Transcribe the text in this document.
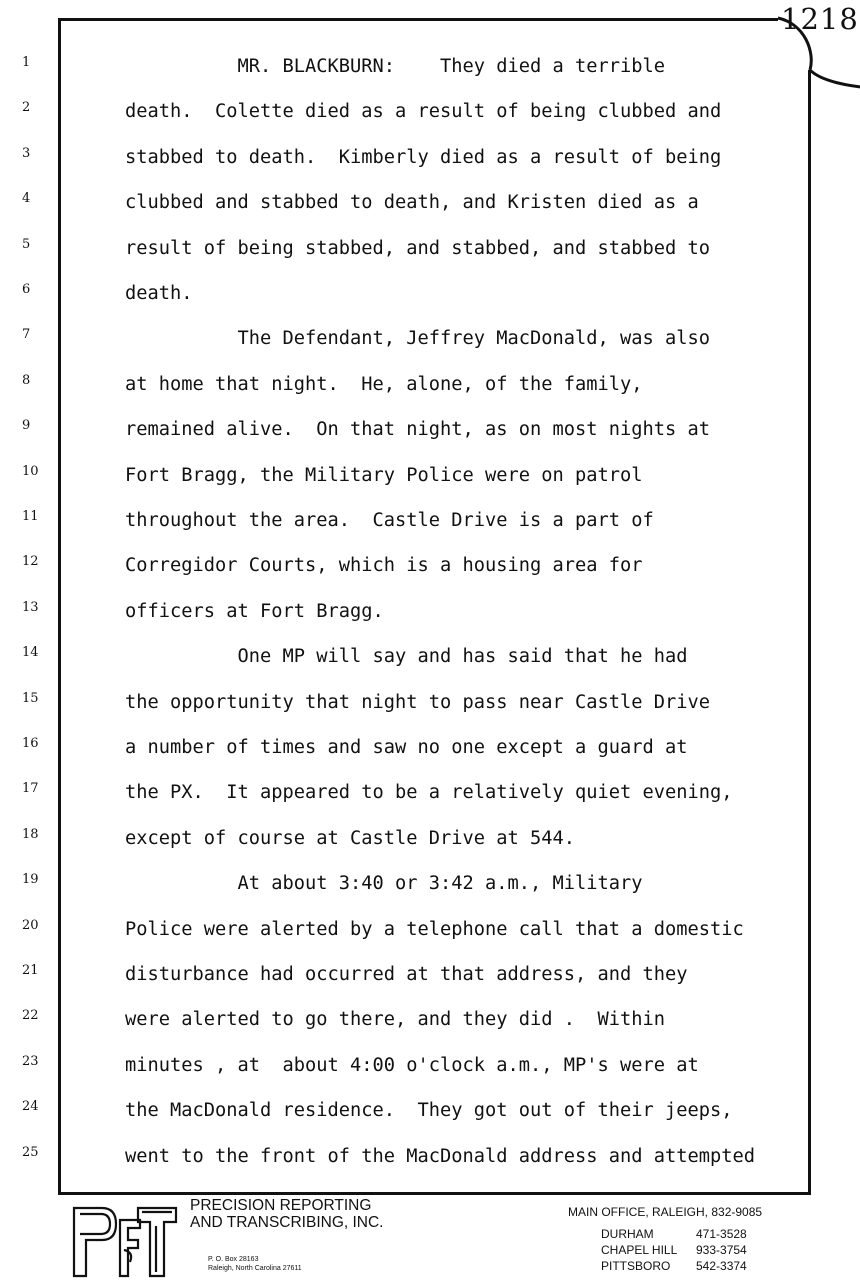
1218
1	MR. BLACKBURN:    They died a terrible
2	death.  Colette died as a result of being clubbed and
3	stabbed to death.  Kimberly died as a result of being
4	clubbed and stabbed to death, and Kristen died as a
5	result of being stabbed, and stabbed, and stabbed to
6	death.
7	The Defendant, Jeffrey MacDonald, was also
8	at home that night.  He, alone, of the family,
9	remained alive.  On that night, as on most nights at
10	Fort Bragg, the Military Police were on patrol
11	throughout the area.  Castle Drive is a part of
12	Corregidor Courts, which is a housing area for
13	officers at Fort Bragg.
14	One MP will say and has said that he had
15	the opportunity that night to pass near Castle Drive
16	a number of times and saw no one except a guard at
17	the PX.  It appeared to be a relatively quiet evening,
18	except of course at Castle Drive at 544.
19	At about 3:40 or 3:42 a.m., Military
20	Police were alerted by a telephone call that a domestic
21	disturbance had occurred at that address, and they
22	were alerted to go there, and they did .  Within
23	minutes , at  about 4:00 o'clock a.m., MP's were at
24	the MacDonald residence.  They got out of their jeeps,
25	went to the front of the MacDonald address and attempted
P&T	PRECISION REPORTING
AND TRANSCRIBING, INC.
P. O. Box 28163
Raleigh, North Carolina 27611
MAIN OFFICE, RALEIGH, 832-9085
DURHAM	471-3528
CHAPEL HILL 933-3754
PITTSBORO 542-3374
